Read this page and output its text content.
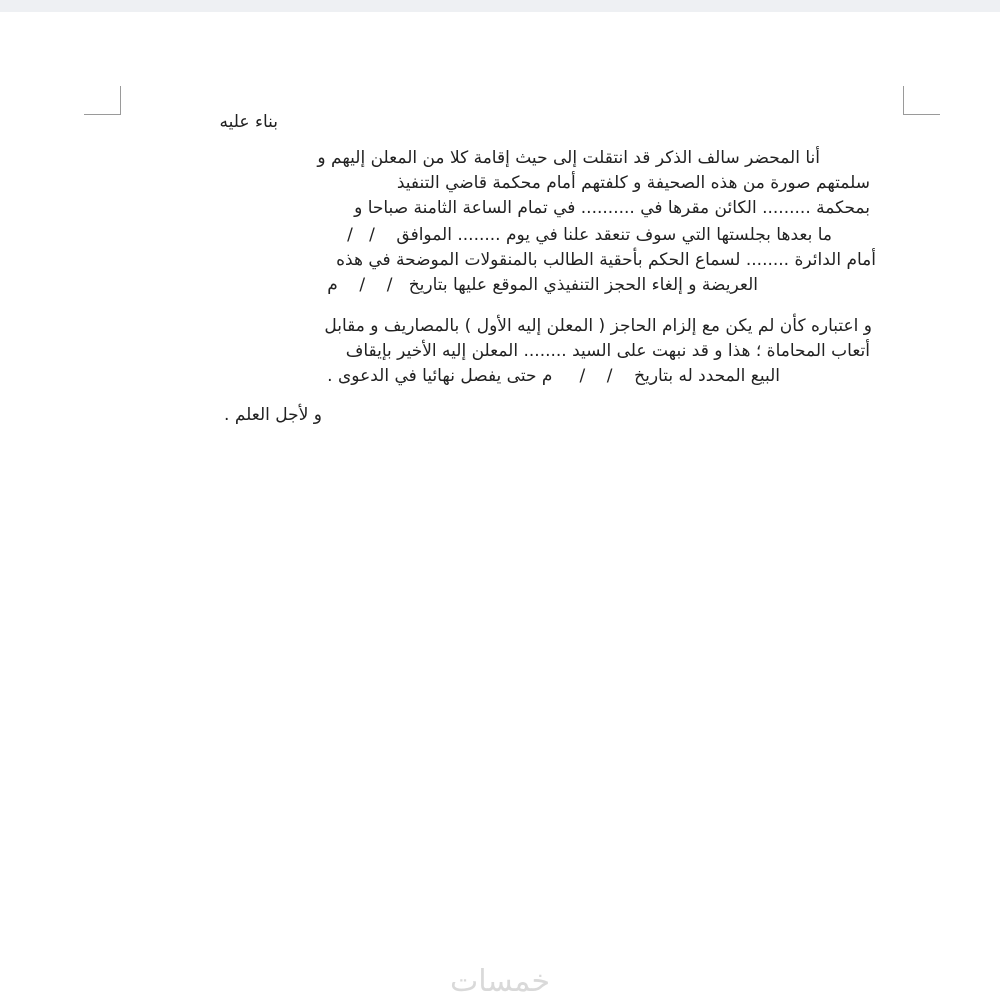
بناء عليه
أنا المحضر سالف الذكر قد انتقلت إلى حيث إقامة كلا من المعلن إليهم و
سلمتهم صورة من هذه الصحيفة و كلفتهم أمام محكمة قاضي التنفيذ
بمحكمة ......... الكائن مقرها في .......... في تمام الساعة الثامنة صباحا و
ما بعدها بجلستها التي سوف تنعقد علنا في يوم ........ الموافق    /   /
أمام الدائرة ........ لسماع الحكم بأحقية الطالب بالمنقولات الموضحة في هذه
العريضة و إلغاء الحجز التنفيذي الموقع عليها بتاريخ   /    /    م
و اعتباره كأن لم يكن مع إلزام الحاجز ( المعلن إليه الأول ) بالمصاريف و مقابل
أتعاب المحاماة ؛ هذا و قد نبهت على السيد ........ المعلن إليه الأخير بإيقاف
البيع المحدد له بتاريخ    /    /     م حتى يفصل نهائيا في الدعوى .
و لأجل العلم .
خمسات
